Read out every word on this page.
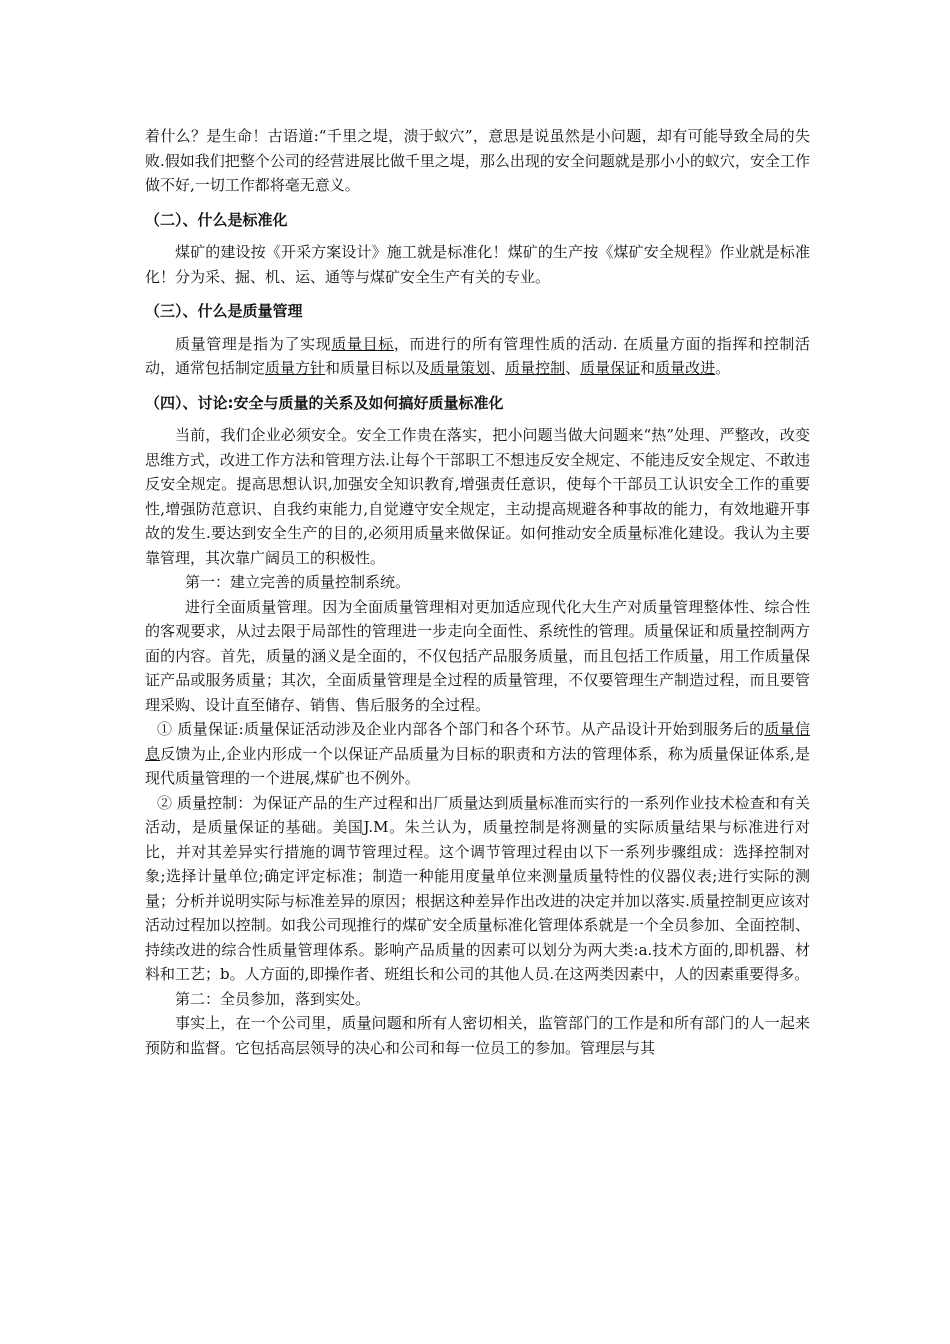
着什么？是生命！古语道:“千里之堤，溃于蚁穴”，意思是说虽然是小问题，却有可能导致全局的失败.假如我们把整个公司的经营进展比做千里之堤，那么出现的安全问题就是那小小的蚁穴，安全工作做不好,一切工作都将毫无意义。

（二）、什么是标准化

煤矿的建设按《开采方案设计》施工就是标准化！煤矿的生产按《煤矿安全规程》作业就是标准化！分为采、掘、机、运、通等与煤矿安全生产有关的专业。

（三）、什么是质量管理

质量管理是指为了实现质量目标，而进行的所有管理性质的活动. 在质量方面的指挥和控制活动，通常包括制定质量方针和质量目标以及质量策划、质量控制、质量保证和质量改进。

（四）、讨论:安全与质量的关系及如何搞好质量标准化

当前，我们企业必须安全。安全工作贵在落实，把小问题当做大问题来“热”处理、严整改，改变思维方式，改进工作方法和管理方法.让每个干部职工不想违反安全规定、不能违反安全规定、不敢违反安全规定。提高思想认识,加强安全知识教育,增强责任意识，使每个干部员工认识安全工作的重要性,增强防范意识、自我约束能力,自觉遵守安全规定，主动提高规避各种事故的能力，有效地避开事故的发生.要达到安全生产的目的,必须用质量来做保证。如何推动安全质量标准化建设。我认为主要靠管理，其次靠广阔员工的积极性。

第一：建立完善的质量控制系统。

进行全面质量管理。因为全面质量管理相对更加适应现代化大生产对质量管理整体性、综合性的客观要求，从过去限于局部性的管理进一步走向全面性、系统性的管理。质量保证和质量控制两方面的内容。首先，质量的涵义是全面的，不仅包括产品服务质量，而且包括工作质量，用工作质量保证产品或服务质量；其次，全面质量管理是全过程的质量管理，不仅要管理生产制造过程，而且要管理采购、设计直至储存、销售、售后服务的全过程。

① 质量保证:质量保证活动涉及企业内部各个部门和各个环节。从产品设计开始到服务后的质量信息反馈为止,企业内形成一个以保证产品质量为目标的职责和方法的管理体系，称为质量保证体系,是现代质量管理的一个进展,煤矿也不例外。

② 质量控制：为保证产品的生产过程和出厂质量达到质量标准而实行的一系列作业技术检查和有关活动，是质量保证的基础。美国J.M。朱兰认为，质量控制是将测量的实际质量结果与标准进行对比，并对其差异实行措施的调节管理过程。这个调节管理过程由以下一系列步骤组成：选择控制对象;选择计量单位;确定评定标准；制造一种能用度量单位来测量质量特性的仪器仪表;进行实际的测量；分析并说明实际与标准差异的原因；根据这种差异作出改进的决定并加以落实.质量控制更应该对活动过程加以控制。如我公司现推行的煤矿安全质量标准化管理体系就是一个全员参加、全面控制、持续改进的综合性质量管理体系。影响产品质量的因素可以划分为两大类:a.技术方面的,即机器、材料和工艺；b。人方面的,即操作者、班组长和公司的其他人员.在这两类因素中，人的因素重要得多。

第二：全员参加，落到实处。

事实上，在一个公司里，质量问题和所有人密切相关，监管部门的工作是和所有部门的人一起来预防和监督。它包括高层领导的决心和公司和每一位员工的参加。管理层与其
